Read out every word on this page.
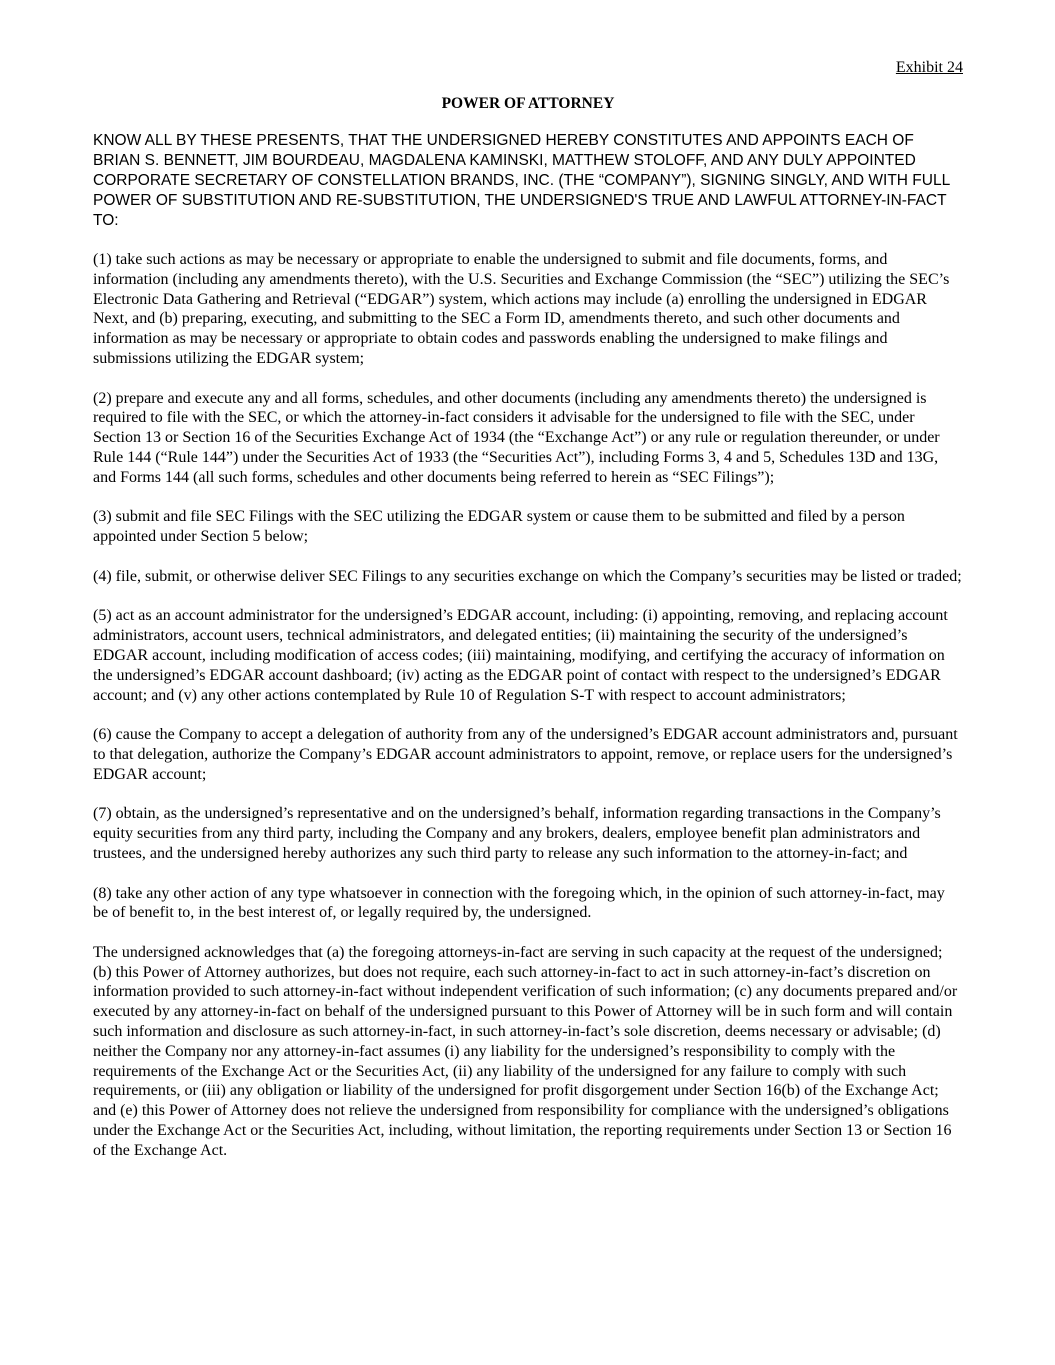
Exhibit 24

POWER OF ATTORNEY

KNOW ALL BY THESE PRESENTS, THAT THE UNDERSIGNED HEREBY CONSTITUTES AND APPOINTS EACH OF BRIAN S. BENNETT, JIM BOURDEAU, MAGDALENA KAMINSKI, MATTHEW STOLOFF, AND ANY DULY APPOINTED CORPORATE SECRETARY OF CONSTELLATION BRANDS, INC. (THE “COMPANY”), SIGNING SINGLY, AND WITH FULL POWER OF SUBSTITUTION AND RE-SUBSTITUTION, THE UNDERSIGNED'S TRUE AND LAWFUL ATTORNEY-IN-FACT TO:

(1) take such actions as may be necessary or appropriate to enable the undersigned to submit and file documents, forms, and information (including any amendments thereto), with the U.S. Securities and Exchange Commission (the “SEC”) utilizing the SEC’s Electronic Data Gathering and Retrieval (“EDGAR”) system, which actions may include (a) enrolling the undersigned in EDGAR Next, and (b) preparing, executing, and submitting to the SEC a Form ID, amendments thereto, and such other documents and information as may be necessary or appropriate to obtain codes and passwords enabling the undersigned to make filings and submissions utilizing the EDGAR system;

(2) prepare and execute any and all forms, schedules, and other documents (including any amendments thereto) the undersigned is required to file with the SEC, or which the attorney-in-fact considers it advisable for the undersigned to file with the SEC, under Section 13 or Section 16 of the Securities Exchange Act of 1934 (the “Exchange Act”) or any rule or regulation thereunder, or under Rule 144 (“Rule 144”) under the Securities Act of 1933 (the “Securities Act”), including Forms 3, 4 and 5, Schedules 13D and 13G, and Forms 144 (all such forms, schedules and other documents being referred to herein as “SEC Filings”);

(3) submit and file SEC Filings with the SEC utilizing the EDGAR system or cause them to be submitted and filed by a person appointed under Section 5 below;

(4) file, submit, or otherwise deliver SEC Filings to any securities exchange on which the Company’s securities may be listed or traded;

(5) act as an account administrator for the undersigned’s EDGAR account, including: (i) appointing, removing, and replacing account administrators, account users, technical administrators, and delegated entities; (ii) maintaining the security of the undersigned’s EDGAR account, including modification of access codes; (iii) maintaining, modifying, and certifying the accuracy of information on the undersigned’s EDGAR account dashboard; (iv) acting as the EDGAR point of contact with respect to the undersigned’s EDGAR account; and (v) any other actions contemplated by Rule 10 of Regulation S-T with respect to account administrators;

(6) cause the Company to accept a delegation of authority from any of the undersigned’s EDGAR account administrators and, pursuant to that delegation, authorize the Company’s EDGAR account administrators to appoint, remove, or replace users for the undersigned’s EDGAR account;

(7) obtain, as the undersigned’s representative and on the undersigned’s behalf, information regarding transactions in the Company’s equity securities from any third party, including the Company and any brokers, dealers, employee benefit plan administrators and trustees, and the undersigned hereby authorizes any such third party to release any such information to the attorney-in-fact; and

(8) take any other action of any type whatsoever in connection with the foregoing which, in the opinion of such attorney-in-fact, may be of benefit to, in the best interest of, or legally required by, the undersigned.

The undersigned acknowledges that (a) the foregoing attorneys-in-fact are serving in such capacity at the request of the undersigned; (b) this Power of Attorney authorizes, but does not require, each such attorney-in-fact to act in such attorney-in-fact’s discretion on information provided to such attorney-in-fact without independent verification of such information; (c) any documents prepared and/or executed by any attorney-in-fact on behalf of the undersigned pursuant to this Power of Attorney will be in such form and will contain such information and disclosure as such attorney-in-fact, in such attorney-in-fact’s sole discretion, deems necessary or advisable; (d) neither the Company nor any attorney-in-fact assumes (i) any liability for the undersigned’s responsibility to comply with the requirements of the Exchange Act or the Securities Act, (ii) any liability of the undersigned for any failure to comply with such requirements, or (iii) any obligation or liability of the undersigned for profit disgorgement under Section 16(b) of the Exchange Act; and (e) this Power of Attorney does not relieve the undersigned from responsibility for compliance with the undersigned’s obligations under the Exchange Act or the Securities Act, including, without limitation, the reporting requirements under Section 13 or Section 16 of the Exchange Act.
